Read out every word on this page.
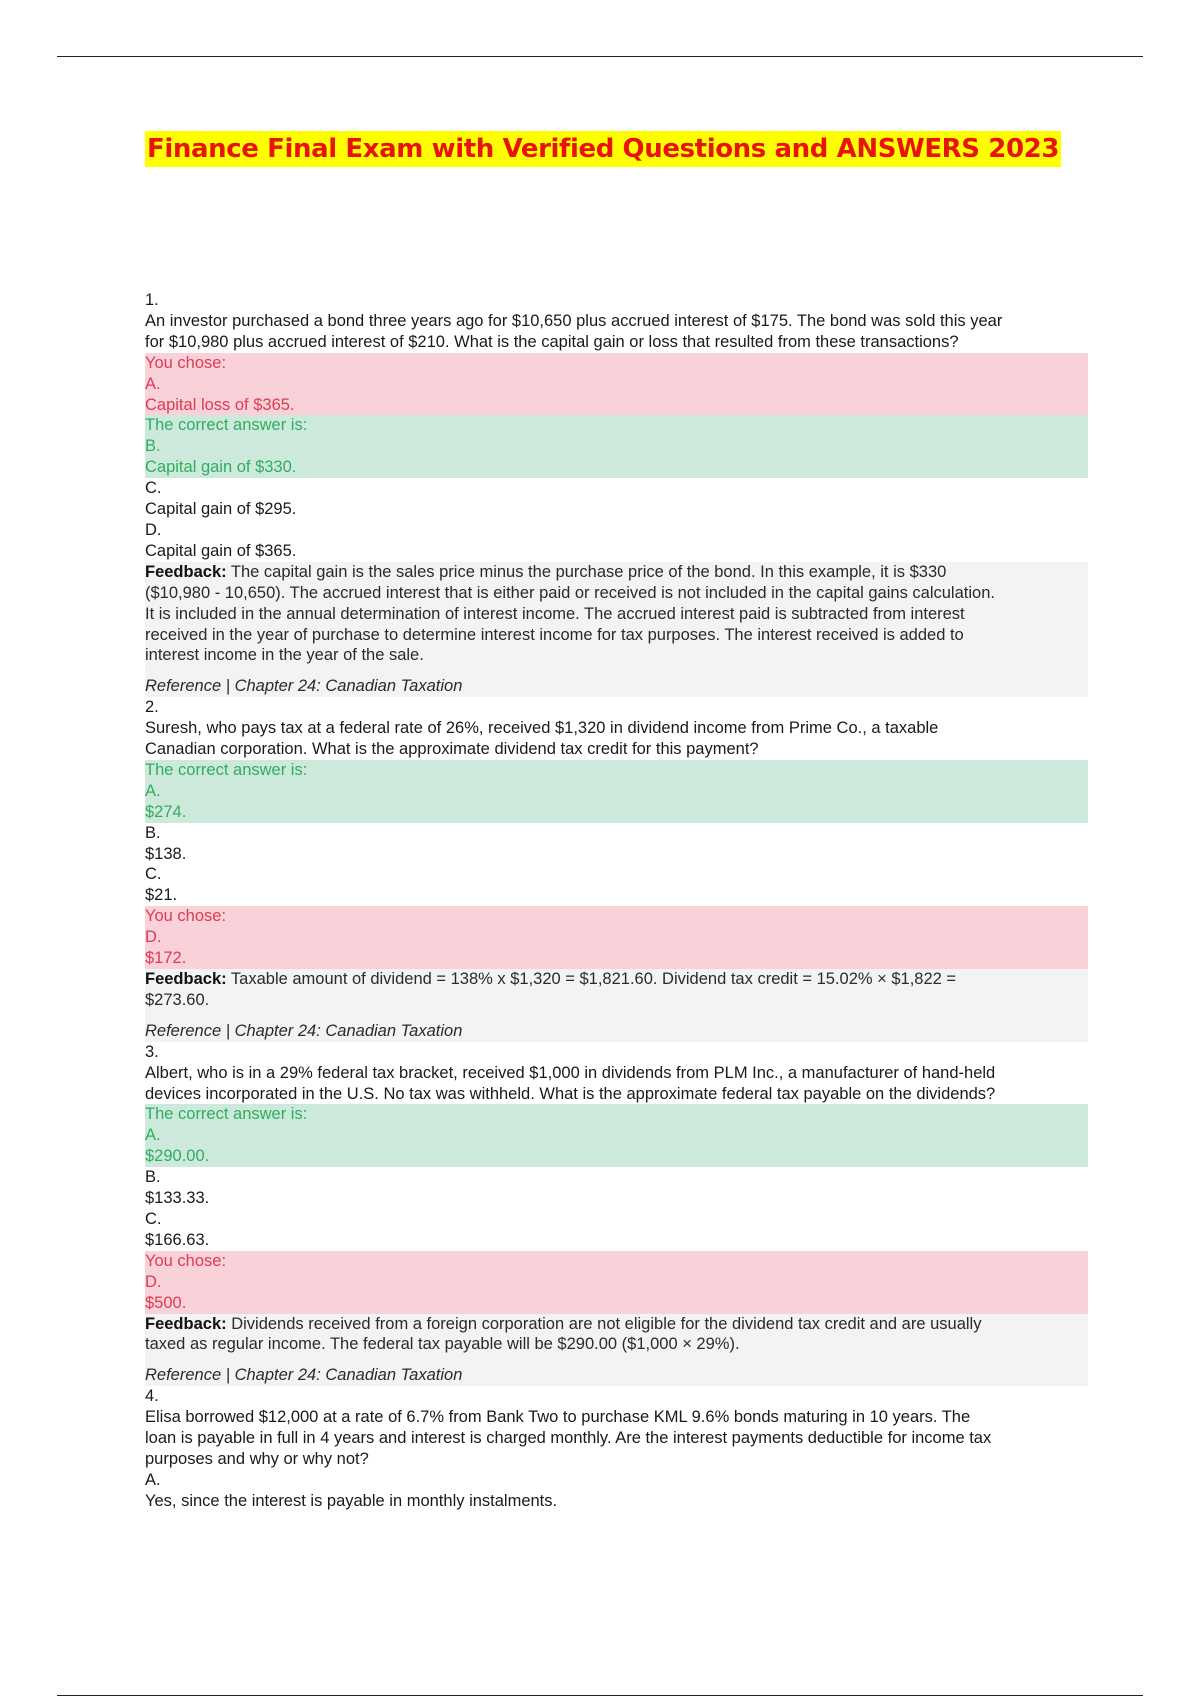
Finance Final Exam with Verified Questions and ANSWERS 2023
1.
An investor purchased a bond three years ago for $10,650 plus accrued interest of $175. The bond was sold this year
for $10,980 plus accrued interest of $210. What is the capital gain or loss that resulted from these transactions?
You chose:
A.
Capital loss of $365.
The correct answer is:
B.
Capital gain of $330.
C.
Capital gain of $295.
D.
Capital gain of $365.
Feedback: The capital gain is the sales price minus the purchase price of the bond. In this example, it is $330
($10,980 - 10,650). The accrued interest that is either paid or received is not included in the capital gains calculation.
It is included in the annual determination of interest income. The accrued interest paid is subtracted from interest
received in the year of purchase to determine interest income for tax purposes. The interest received is added to
interest income in the year of the sale.
Reference | Chapter 24: Canadian Taxation
2.
Suresh, who pays tax at a federal rate of 26%, received $1,320 in dividend income from Prime Co., a taxable
Canadian corporation. What is the approximate dividend tax credit for this payment?
The correct answer is:
A.
$274.
B.
$138.
C.
$21.
You chose:
D.
$172.
Feedback: Taxable amount of dividend = 138% x $1,320 = $1,821.60. Dividend tax credit = 15.02% × $1,822 =
$273.60.
Reference | Chapter 24: Canadian Taxation
3.
Albert, who is in a 29% federal tax bracket, received $1,000 in dividends from PLM Inc., a manufacturer of hand-held
devices incorporated in the U.S. No tax was withheld. What is the approximate federal tax payable on the dividends?
The correct answer is:
A.
$290.00.
B.
$133.33.
C.
$166.63.
You chose:
D.
$500.
Feedback: Dividends received from a foreign corporation are not eligible for the dividend tax credit and are usually
taxed as regular income. The federal tax payable will be $290.00 ($1,000 × 29%).
Reference | Chapter 24: Canadian Taxation
4.
Elisa borrowed $12,000 at a rate of 6.7% from Bank Two to purchase KML 9.6% bonds maturing in 10 years. The
loan is payable in full in 4 years and interest is charged monthly. Are the interest payments deductible for income tax
purposes and why or why not?
A.
Yes, since the interest is payable in monthly instalments.
